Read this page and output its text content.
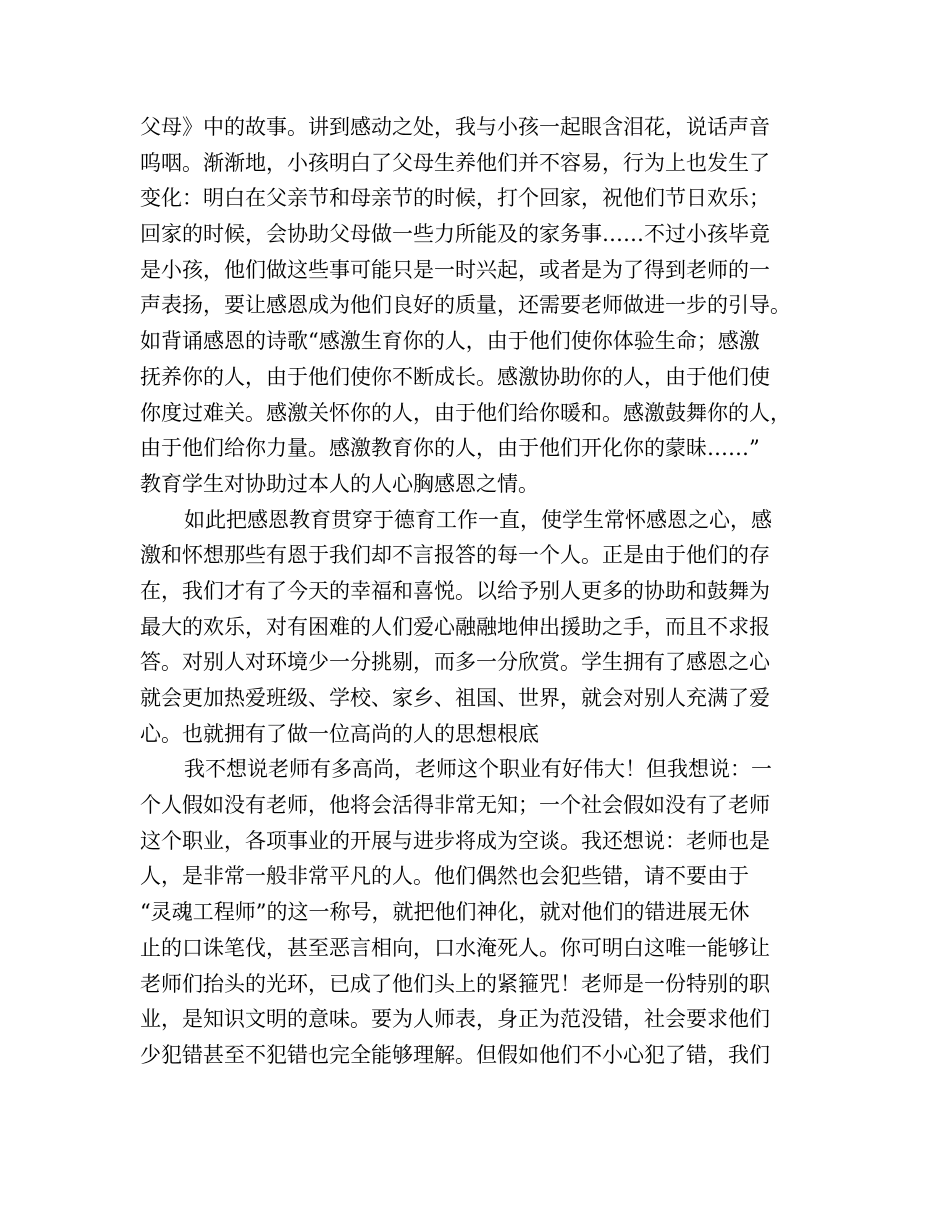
父母》中的故事。讲到感动之处，我与小孩一起眼含泪花，说话声音
呜咽。渐渐地，小孩明白了父母生养他们并不容易，行为上也发生了
变化：明白在父亲节和母亲节的时候，打个回家，祝他们节日欢乐；
回家的时候，会协助父母做一些力所能及的家务事……不过小孩毕竟
是小孩，他们做这些事可能只是一时兴起，或者是为了得到老师的一
声表扬，要让感恩成为他们良好的质量，还需要老师做进一步的引导。
如背诵感恩的诗歌“感激生育你的人，由于他们使你体验生命；感激
抚养你的人，由于他们使你不断成长。感激协助你的人，由于他们使
你度过难关。感激关怀你的人，由于他们给你暖和。感激鼓舞你的人，
由于他们给你力量。感激教育你的人，由于他们开化你的蒙昧……”
教育学生对协助过本人的人心胸感恩之情。
如此把感恩教育贯穿于德育工作一直，使学生常怀感恩之心，感
激和怀想那些有恩于我们却不言报答的每一个人。正是由于他们的存
在，我们才有了今天的幸福和喜悦。以给予别人更多的协助和鼓舞为
最大的欢乐，对有困难的人们爱心融融地伸出援助之手，而且不求报
答。对别人对环境少一分挑剔，而多一分欣赏。学生拥有了感恩之心
就会更加热爱班级、学校、家乡、祖国、世界，就会对别人充满了爱
心。也就拥有了做一位高尚的人的思想根底
我不想说老师有多高尚，老师这个职业有好伟大！但我想说：一
个人假如没有老师，他将会活得非常无知；一个社会假如没有了老师
这个职业，各项事业的开展与进步将成为空谈。我还想说：老师也是
人，是非常一般非常平凡的人。他们偶然也会犯些错，请不要由于
“灵魂工程师”的这一称号，就把他们神化，就对他们的错进展无休
止的口诛笔伐，甚至恶言相向，口水淹死人。你可明白这唯一能够让
老师们抬头的光环，已成了他们头上的紧箍咒！老师是一份特别的职
业，是知识文明的意味。要为人师表，身正为范没错，社会要求他们
少犯错甚至不犯错也完全能够理解。但假如他们不小心犯了错，我们
